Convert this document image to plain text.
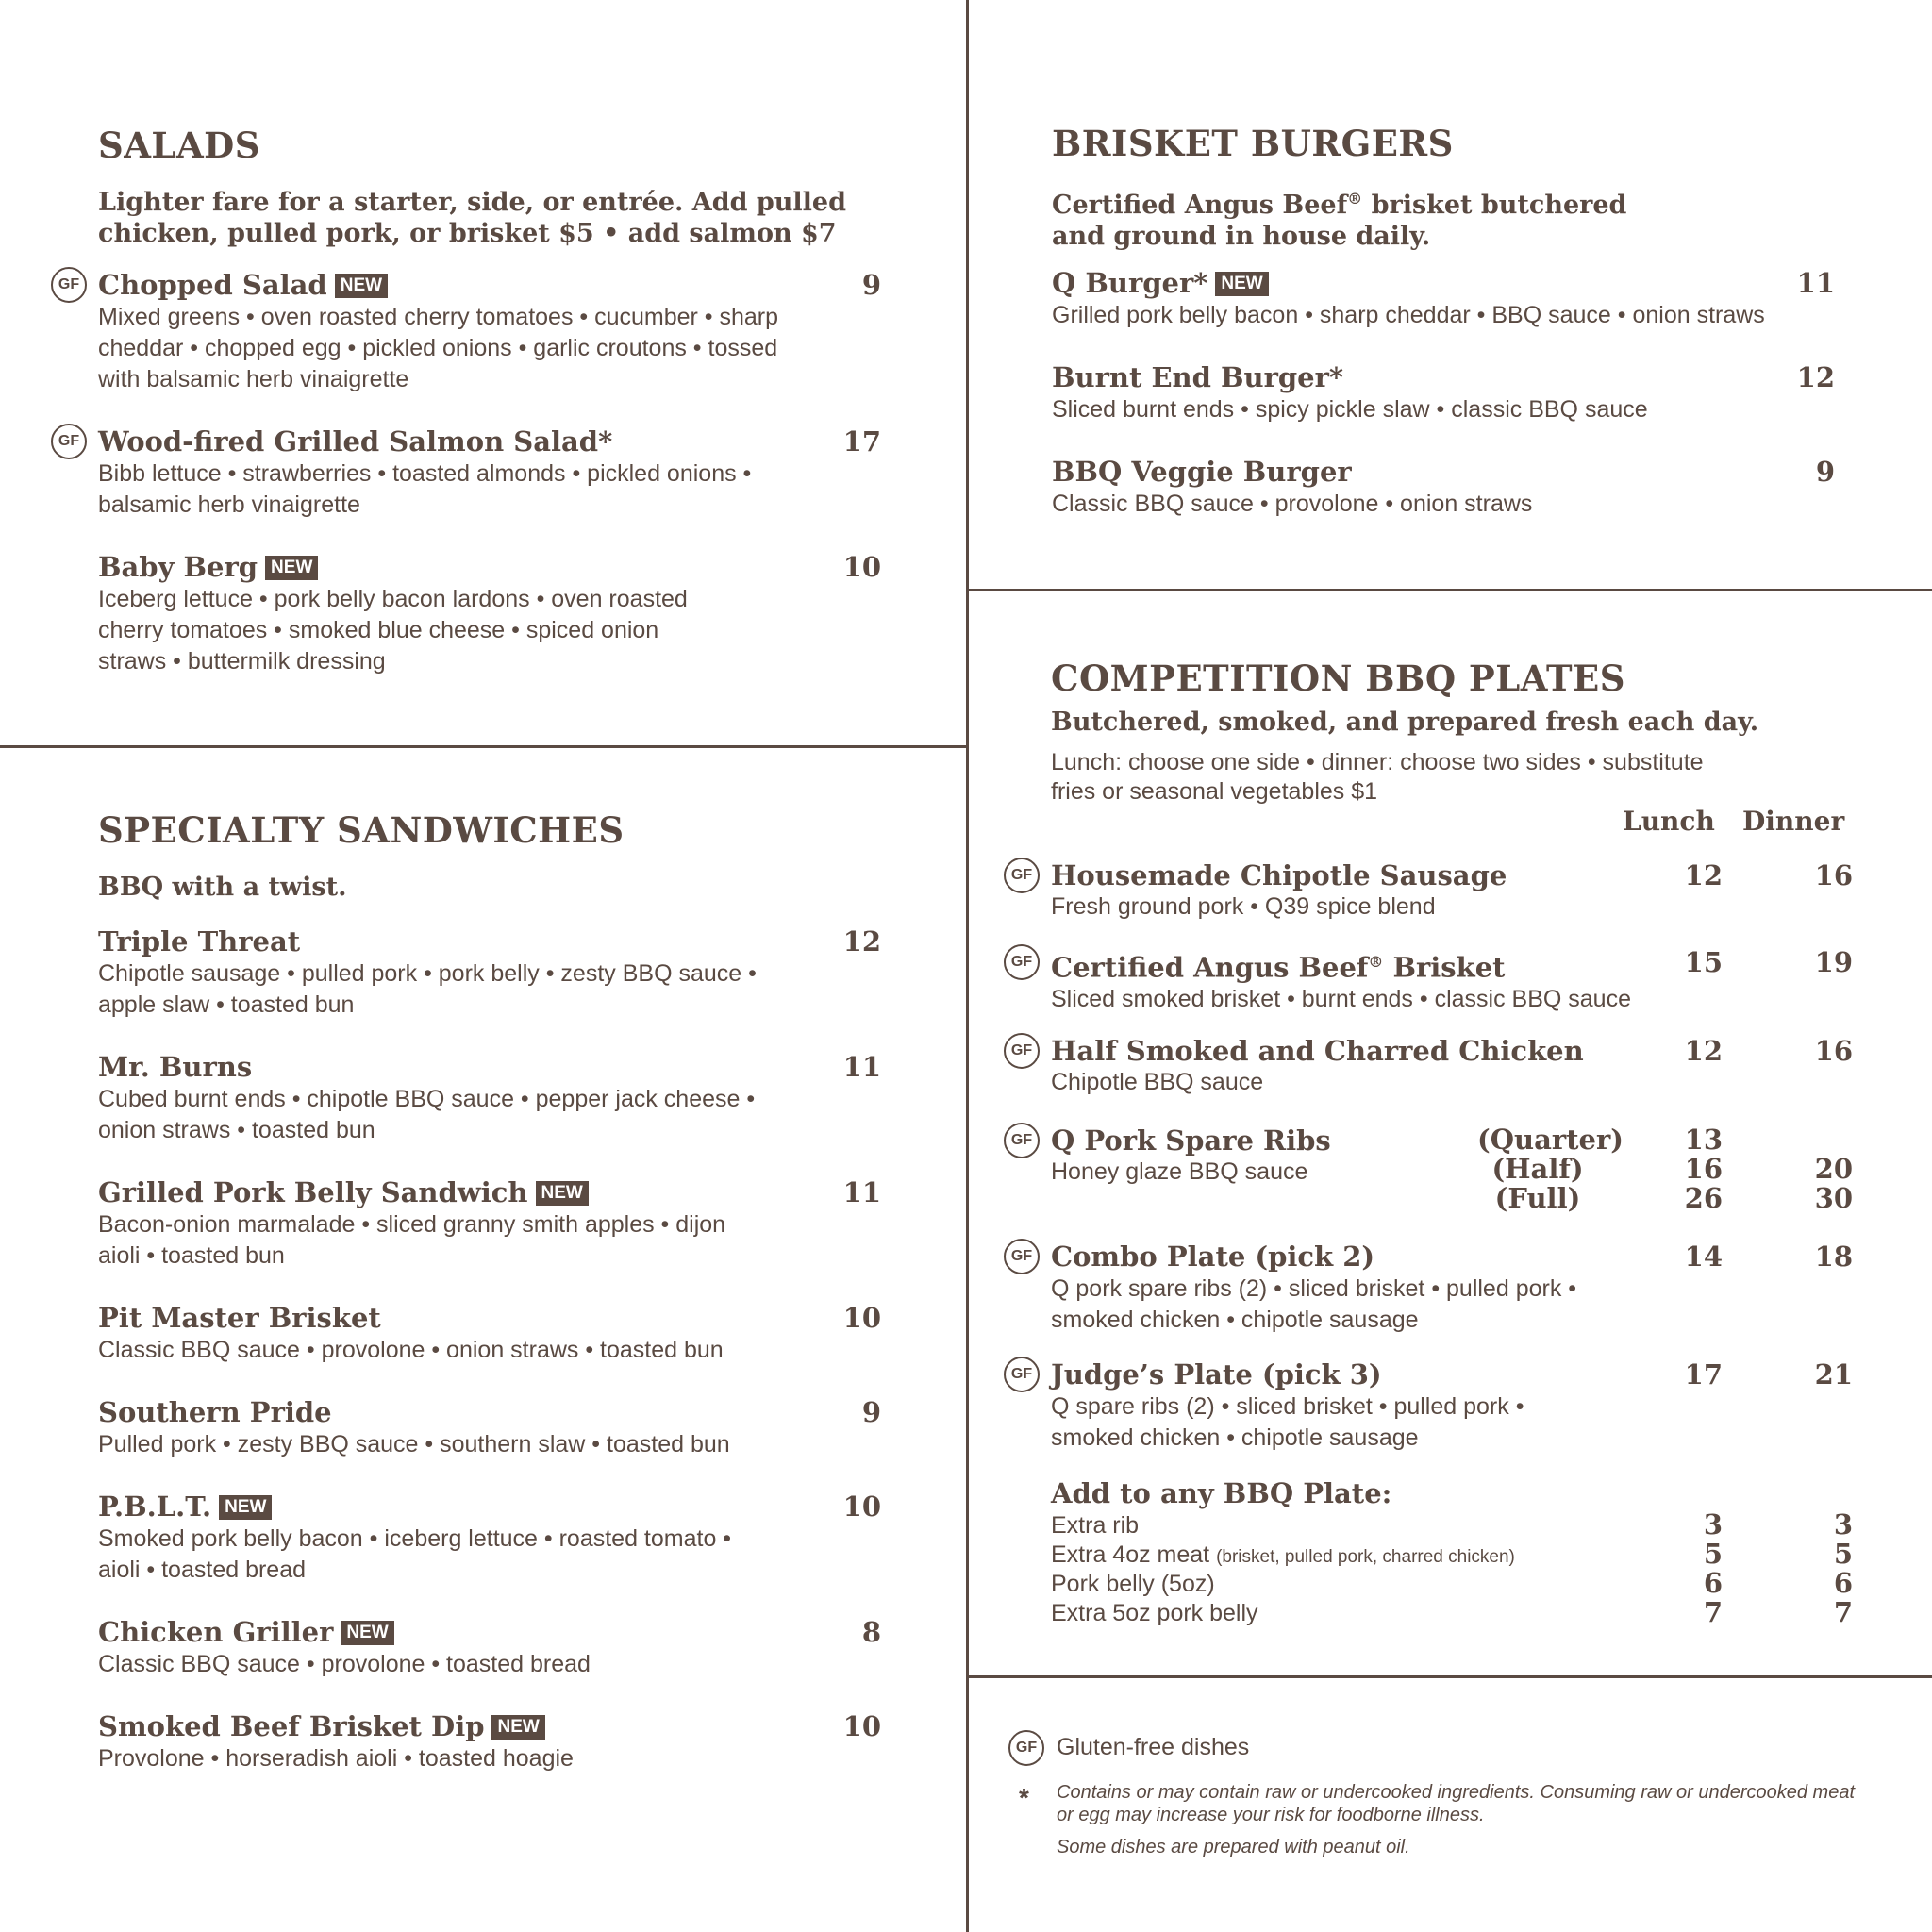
SALADS
Lighter fare for a starter, side, or entrée. Add pulled
chicken, pulled pork, or brisket $5 • add salmon $7
GF Chopped Salad NEW	9
Mixed greens • oven roasted cherry tomatoes • cucumber • sharp
cheddar • chopped egg • pickled onions • garlic croutons • tossed
with balsamic herb vinaigrette
GF Wood-fired Grilled Salmon Salad*	17
Bibb lettuce • strawberries • toasted almonds • pickled onions •
balsamic herb vinaigrette
Baby Berg NEW	10
Iceberg lettuce • pork belly bacon lardons • oven roasted
cherry tomatoes • smoked blue cheese • spiced onion
straws • buttermilk dressing
SPECIALTY SANDWICHES
BBQ with a twist.
Triple Threat	12
Chipotle sausage • pulled pork • pork belly • zesty BBQ sauce •
apple slaw • toasted bun
Mr. Burns	11
Cubed burnt ends • chipotle BBQ sauce • pepper jack cheese •
onion straws • toasted bun
Grilled Pork Belly Sandwich NEW	11
Bacon-onion marmalade • sliced granny smith apples • dijon
aioli • toasted bun
Pit Master Brisket	10
Classic BBQ sauce • provolone • onion straws • toasted bun
Southern Pride	9
Pulled pork • zesty BBQ sauce • southern slaw • toasted bun
P.B.L.T. NEW	10
Smoked pork belly bacon • iceberg lettuce • roasted tomato •
aioli • toasted bread
Chicken Griller NEW	8
Classic BBQ sauce • provolone • toasted bread
Smoked Beef Brisket Dip NEW	10
Provolone • horseradish aioli • toasted hoagie
BRISKET BURGERS
Certified Angus Beef® brisket butchered
and ground in house daily.
Q Burger* NEW	11
Grilled pork belly bacon • sharp cheddar • BBQ sauce • onion straws
Burnt End Burger*	12
Sliced burnt ends • spicy pickle slaw • classic BBQ sauce
BBQ Veggie Burger	9
Classic BBQ sauce • provolone • onion straws
COMPETITION BBQ PLATES
Butchered, smoked, and prepared fresh each day.
Lunch: choose one side • dinner: choose two sides • substitute
fries or seasonal vegetables $1
Lunch Dinner
GF Housemade Chipotle Sausage	12	16
Fresh ground pork • Q39 spice blend
GF Certified Angus Beef® Brisket	15	19
Sliced smoked brisket • burnt ends • classic BBQ sauce
GF Half Smoked and Charred Chicken	12	16
Chipotle BBQ sauce
GF Q Pork Spare Ribs
Honey glaze BBQ sauce
(Quarter)	13
(Half)	16	20
(Full)	26	30
GF Combo Plate (pick 2)	14	18
Q pork spare ribs (2) • sliced brisket • pulled pork •
smoked chicken • chipotle sausage
GF Judge’s Plate (pick 3)	17	21
Q spare ribs (2) • sliced brisket • pulled pork •
smoked chicken • chipotle sausage
Add to any BBQ Plate:
Extra rib	3	3
Extra 4oz meat (brisket, pulled pork, charred chicken)	5	5
Pork belly (5oz)	6	6
Extra 5oz pork belly	7	7
GF Gluten-free dishes
* Contains or may contain raw or undercooked ingredients. Consuming raw or undercooked meat
or egg may increase your risk for foodborne illness.
Some dishes are prepared with peanut oil.
